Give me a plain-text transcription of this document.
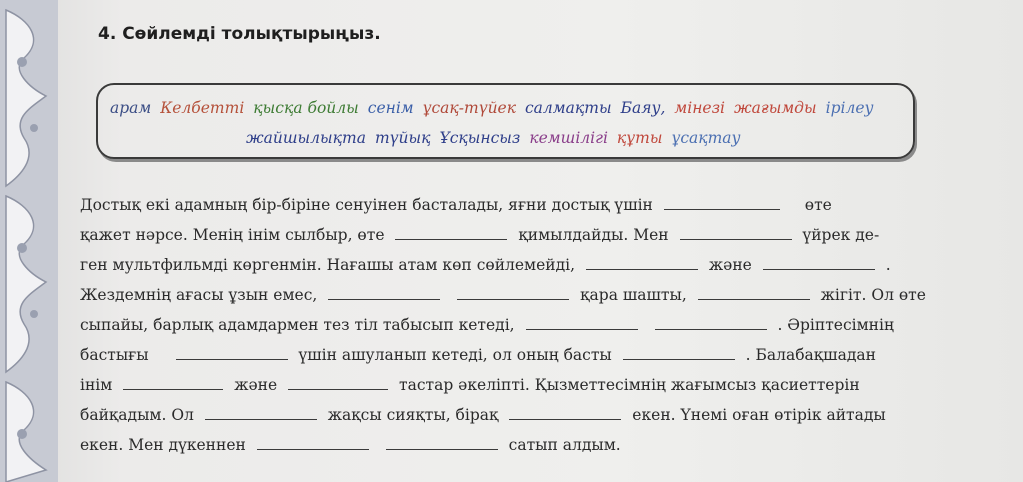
4. Сөйлемді толықтырыңыз.
арам Келбетті қысқа бойлы сенім ұсақ-түйек салмақты Баяу, мінезі жағымды ірілеу
жайшылықта түйық Ұсқынсыз кемшілігі құты ұсақтау
Достық екі адамның бір-біріне сенуінен басталады, яғни достық үшін	өте
қажет нәрсе. Менің інім сылбыр, өте	қимылдайды. Мен	үйрек де-
ген мультфильмді көргенмін. Нағашы атам көп сөйлемейді,	және	.
Жездемнің ағасы ұзын емес,	қара шашты,	жігіт. Ол өте
сыпайы, барлық адамдармен тез тіл табысып кетеді,	. Әріптесімнің
бастығы	үшін ашуланып кетеді, ол оның басты	. Балабақшадан
інім	және	тастар әкеліпті. Қызметтесімнің жағымсыз қасиеттерін
байқадым. Ол	жақсы сияқты, бірақ	екен. Үнемі оған өтірік айтады
екен. Мен дүкеннен	сатып алдым.
